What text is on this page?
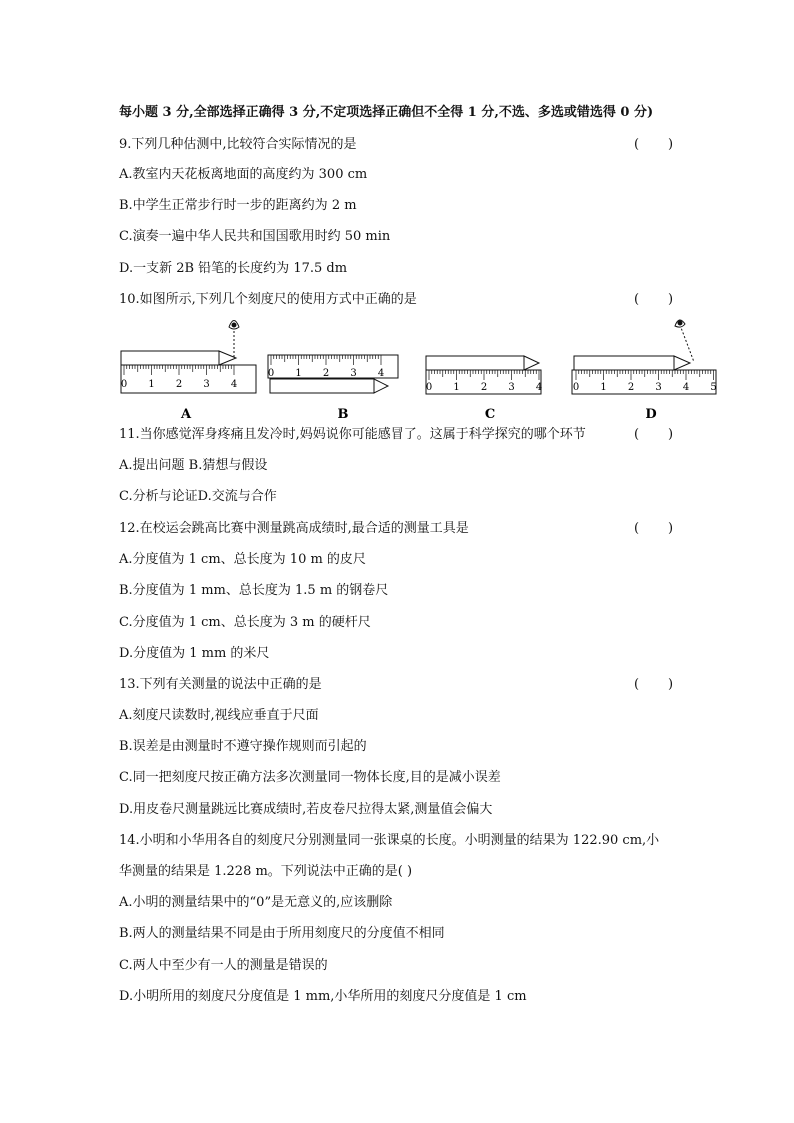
每小题 3 分,全部选择正确得 3 分,不定项选择正确但不全得 1 分,不选、多选或错选得 0 分)
9.下列几种估测中,比较符合实际情况的是	(       )
A.教室内天花板离地面的高度约为 300 cm
B.中学生正常步行时一步的距离约为 2 m
C.演奏一遍中华人民共和国国歌用时约 50 min
D.一支新 2B 铅笔的长度约为 17.5 dm
10.如图所示,下列几个刻度尺的使用方式中正确的是	(       )
0 1 2 3 4
0 1 2 3 4
0 1 2 3 4	0 1 2 3 4 5
A	B	C	D
11.当你感觉浑身疼痛且发冷时,妈妈说你可能感冒了。这属于科学探究的哪个环节	(       )
A.提出问题 B.猜想与假设
C.分析与论证D.交流与合作
12.在校运会跳高比赛中测量跳高成绩时,最合适的测量工具是	(       )
A.分度值为 1 cm、总长度为 10 m 的皮尺
B.分度值为 1 mm、总长度为 1.5 m 的钢卷尺
C.分度值为 1 cm、总长度为 3 m 的硬杆尺
D.分度值为 1 mm 的米尺
13.下列有关测量的说法中正确的是	(       )
A.刻度尺读数时,视线应垂直于尺面
B.误差是由测量时不遵守操作规则而引起的
C.同一把刻度尺按正确方法多次测量同一物体长度,目的是减小误差
D.用皮卷尺测量跳远比赛成绩时,若皮卷尺拉得太紧,测量值会偏大
14.小明和小华用各自的刻度尺分别测量同一张课桌的长度。小明测量的结果为 122.90 cm,小
华测量的结果是 1.228 m。下列说法中正确的是( )
A.小明的测量结果中的“0”是无意义的,应该删除
B.两人的测量结果不同是由于所用刻度尺的分度值不相同
C.两人中至少有一人的测量是错误的
D.小明所用的刻度尺分度值是 1 mm,小华所用的刻度尺分度值是 1 cm
